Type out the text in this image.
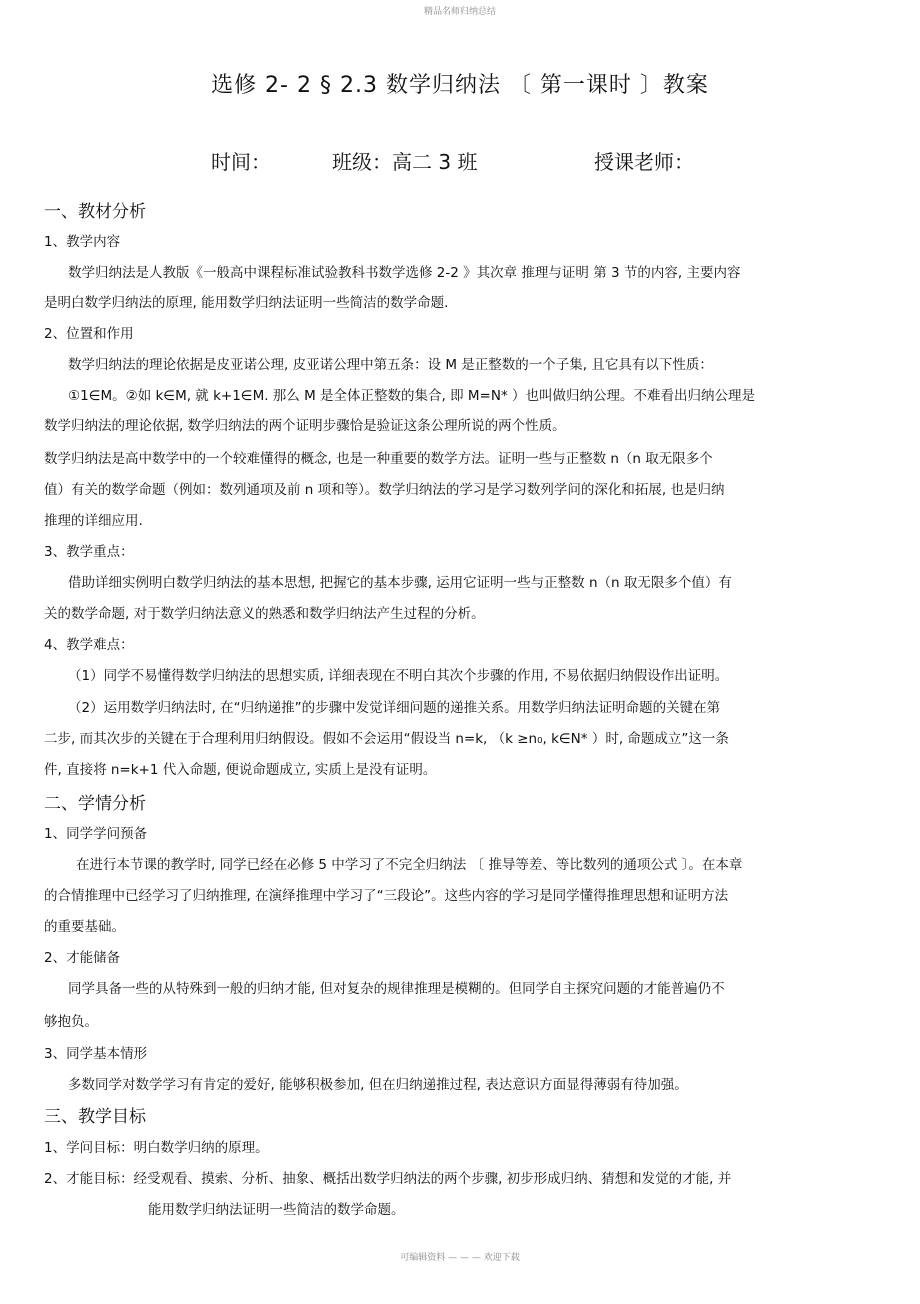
精品名师归纳总结
选修 2- 2 § 2.3 数学归纳法 〔 第一课时 〕教案
时间：	班级：高二 3 班	授课老师：
一、教材分析
1、教学内容
数学归纳法是人教版《一般高中课程标准试验教科书数学选修 2-2 》其次章 推理与证明 第 3 节的内容, 主要内容
是明白数学归纳法的原理, 能用数学归纳法证明一些简洁的数学命题.
2、位置和作用
数学归纳法的理论依据是皮亚诺公理, 皮亚诺公理中第五条：设 M 是正整数的一个子集, 且它具有以下性质：
①1∈M。②如 k∈M, 就 k+1∈M. 那么 M 是全体正整数的集合, 即 M=N* ）也叫做归纳公理。不难看出归纳公理是
数学归纳法的理论依据, 数学归纳法的两个证明步骤恰是验证这条公理所说的两个性质。
数学归纳法是高中数学中的一个较难懂得的概念, 也是一种重要的数学方法。证明一些与正整数 n（n 取无限多个
值）有关的数学命题（例如：数列通项及前 n 项和等）。数学归纳法的学习是学习数列学问的深化和拓展, 也是归纳
推理的详细应用.
3、教学重点：
借助详细实例明白数学归纳法的基本思想, 把握它的基本步骤, 运用它证明一些与正整数 n（n 取无限多个值）有
关的数学命题, 对于数学归纳法意义的熟悉和数学归纳法产生过程的分析。
4、教学难点：
（1）同学不易懂得数学归纳法的思想实质, 详细表现在不明白其次个步骤的作用, 不易依据归纳假设作出证明。
（2）运用数学归纳法时, 在“归纳递推”的步骤中发觉详细问题的递推关系。用数学归纳法证明命题的关键在第
二步, 而其次步的关键在于合理利用归纳假设。假如不会运用“假设当 n=k, （k ≥n₀, k∈N* ）时, 命题成立”这一条
件, 直接将 n=k+1 代入命题, 便说命题成立, 实质上是没有证明。
二、学情分析
1、同学学问预备
在进行本节课的教学时, 同学已经在必修 5 中学习了不完全归纳法 〔 推导等差、等比数列的通项公式 〕。在本章
的合情推理中已经学习了归纳推理, 在演绎推理中学习了“三段论”。这些内容的学习是同学懂得推理思想和证明方法
的重要基础。
2、才能储备
同学具备一些的从特殊到一般的归纳才能, 但对复杂的规律推理是模糊的。但同学自主探究问题的才能普遍仍不
够抱负。
3、同学基本情形
多数同学对数学学习有肯定的爱好, 能够积极参加, 但在归纳递推过程, 表达意识方面显得薄弱有待加强。
三、教学目标
1、学问目标：明白数学归纳的原理。
2、才能目标：经受观看、摸索、分析、抽象、概括出数学归纳法的两个步骤, 初步形成归纳、猜想和发觉的才能, 并
能用数学归纳法证明一些简洁的数学命题。
可编辑资料 — — — 欢迎下载
